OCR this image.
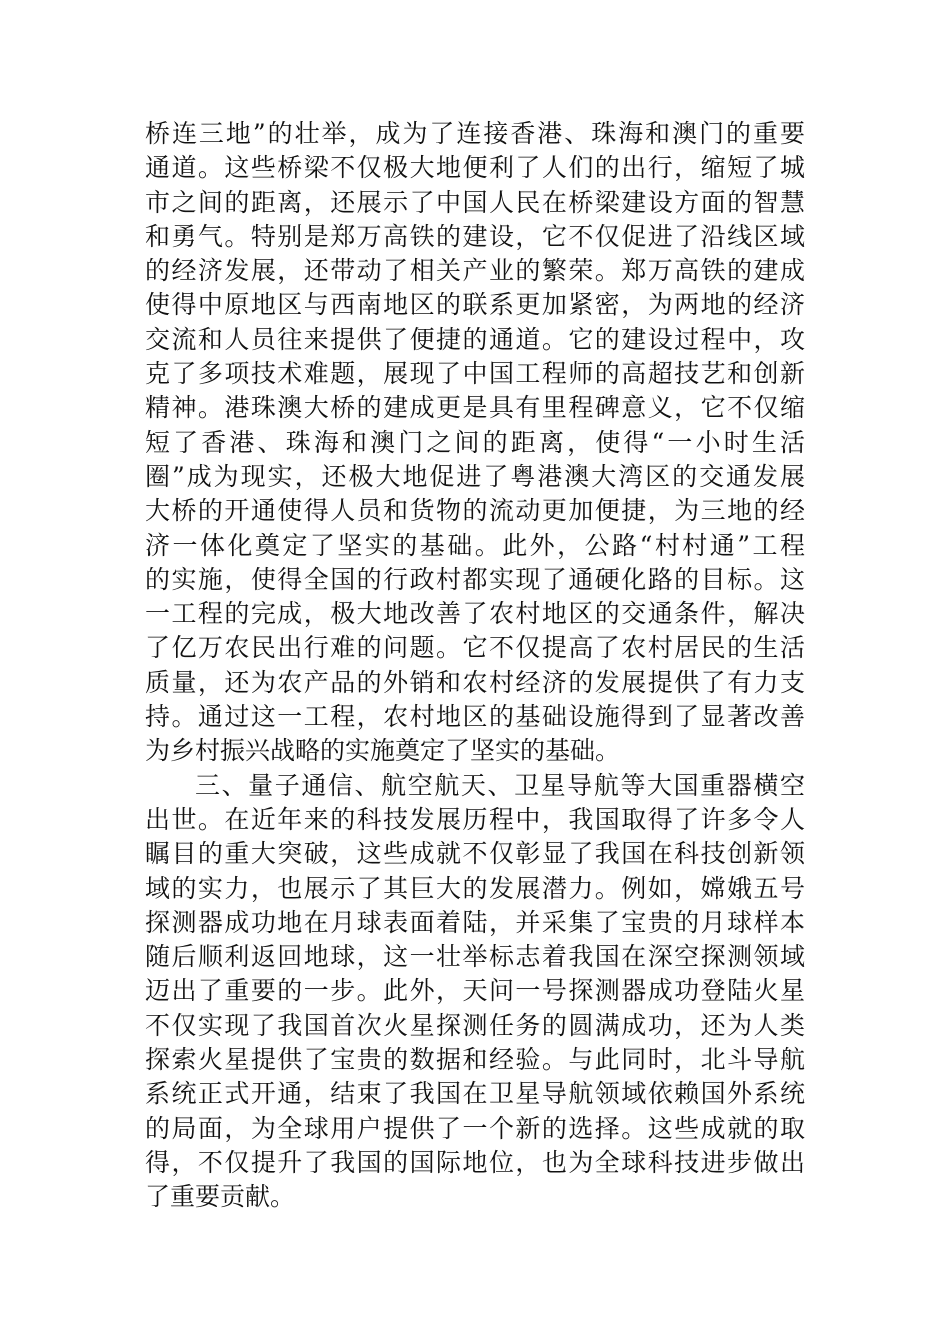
桥连三地”的壮举，成为了连接香港、珠海和澳门的重要
通道。这些桥梁不仅极大地便利了人们的出行，缩短了城
市之间的距离，还展示了中国人民在桥梁建设方面的智慧
和勇气。特别是郑万高铁的建设，它不仅促进了沿线区域
的经济发展，还带动了相关产业的繁荣。郑万高铁的建成
使得中原地区与西南地区的联系更加紧密，为两地的经济
交流和人员往来提供了便捷的通道。它的建设过程中，攻
克了多项技术难题，展现了中国工程师的高超技艺和创新
精神。港珠澳大桥的建成更是具有里程碑意义，它不仅缩
短了香港、珠海和澳门之间的距离，使得“一小时生活
圈”成为现实，还极大地促进了粤港澳大湾区的交通发展
大桥的开通使得人员和货物的流动更加便捷，为三地的经
济一体化奠定了坚实的基础。此外，公路“村村通”工程
的实施，使得全国的行政村都实现了通硬化路的目标。这
一工程的完成，极大地改善了农村地区的交通条件，解决
了亿万农民出行难的问题。它不仅提高了农村居民的生活
质量，还为农产品的外销和农村经济的发展提供了有力支
持。通过这一工程，农村地区的基础设施得到了显著改善
为乡村振兴战略的实施奠定了坚实的基础。
三、量子通信、航空航天、卫星导航等大国重器横空
出世。在近年来的科技发展历程中，我国取得了许多令人
瞩目的重大突破，这些成就不仅彰显了我国在科技创新领
域的实力，也展示了其巨大的发展潜力。例如，嫦娥五号
探测器成功地在月球表面着陆，并采集了宝贵的月球样本
随后顺利返回地球，这一壮举标志着我国在深空探测领域
迈出了重要的一步。此外，天问一号探测器成功登陆火星
不仅实现了我国首次火星探测任务的圆满成功，还为人类
探索火星提供了宝贵的数据和经验。与此同时，北斗导航
系统正式开通，结束了我国在卫星导航领域依赖国外系统
的局面，为全球用户提供了一个新的选择。这些成就的取
得，不仅提升了我国的国际地位，也为全球科技进步做出
了重要贡献。
